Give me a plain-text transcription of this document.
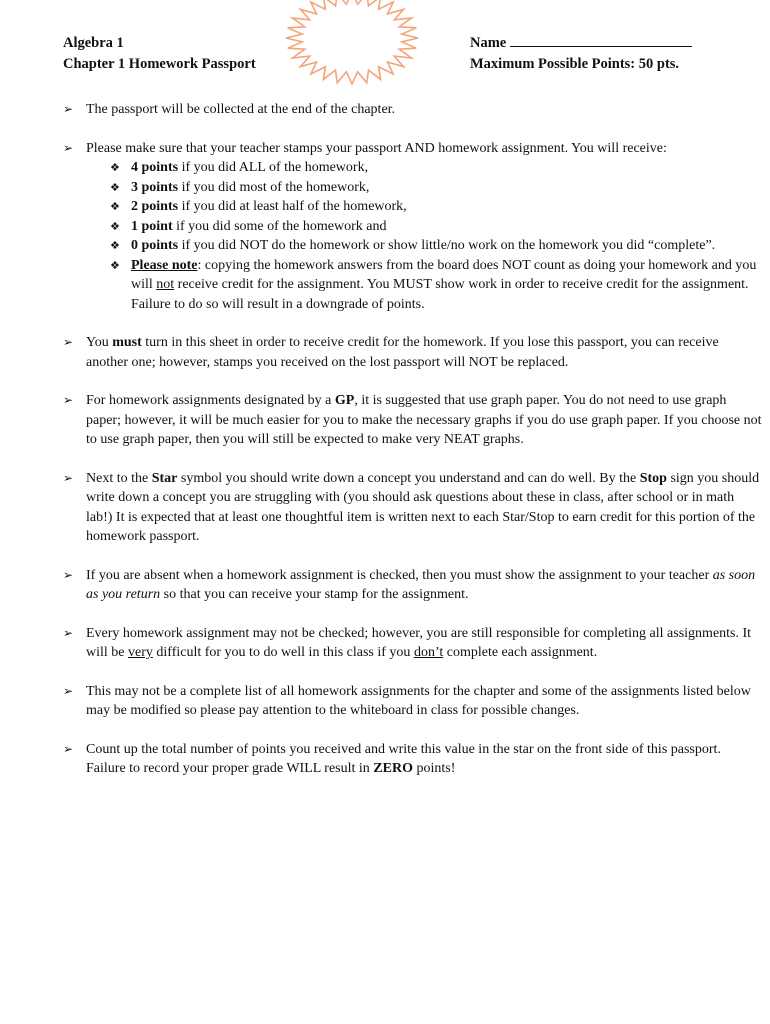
Algebra 1
Chapter 1 Homework Passport
Name
Maximum Possible Points: 50 pts.
➢ The passport will be collected at the end of the chapter.
➢ Please make sure that your teacher stamps your passport AND homework assignment. You will receive:
❖ 4 points if you did ALL of the homework,
❖ 3 points if you did most of the homework,
❖ 2 points if you did at least half of the homework,
❖ 1 point if you did some of the homework and
❖ 0 points if you did NOT do the homework or show little/no work on the homework you did “complete”.
❖ Please note: copying the homework answers from the board does NOT count as doing your homework and you will not receive credit for the assignment. You MUST show work in order to receive credit for the assignment. Failure to do so will result in a downgrade of points.
➢ You must turn in this sheet in order to receive credit for the homework. If you lose this passport, you can receive another one; however, stamps you received on the lost passport will NOT be replaced.
➢ For homework assignments designated by a GP, it is suggested that use graph paper. You do not need to use graph paper; however, it will be much easier for you to make the necessary graphs if you do use graph paper. If you choose not to use graph paper, then you will still be expected to make very NEAT graphs.
➢ Next to the Star symbol you should write down a concept you understand and can do well. By the Stop sign you should write down a concept you are struggling with (you should ask questions about these in class, after school or in math lab!) It is expected that at least one thoughtful item is written next to each Star/Stop to earn credit for this portion of the homework passport.
➢ If you are absent when a homework assignment is checked, then you must show the assignment to your teacher as soon as you return so that you can receive your stamp for the assignment.
➢ Every homework assignment may not be checked; however, you are still responsible for completing all assignments. It will be very difficult for you to do well in this class if you don’t complete each assignment.
➢ This may not be a complete list of all homework assignments for the chapter and some of the assignments listed below may be modified so please pay attention to the whiteboard in class for possible changes.
➢ Count up the total number of points you received and write this value in the star on the front side of this passport. Failure to record your proper grade WILL result in ZERO points!
